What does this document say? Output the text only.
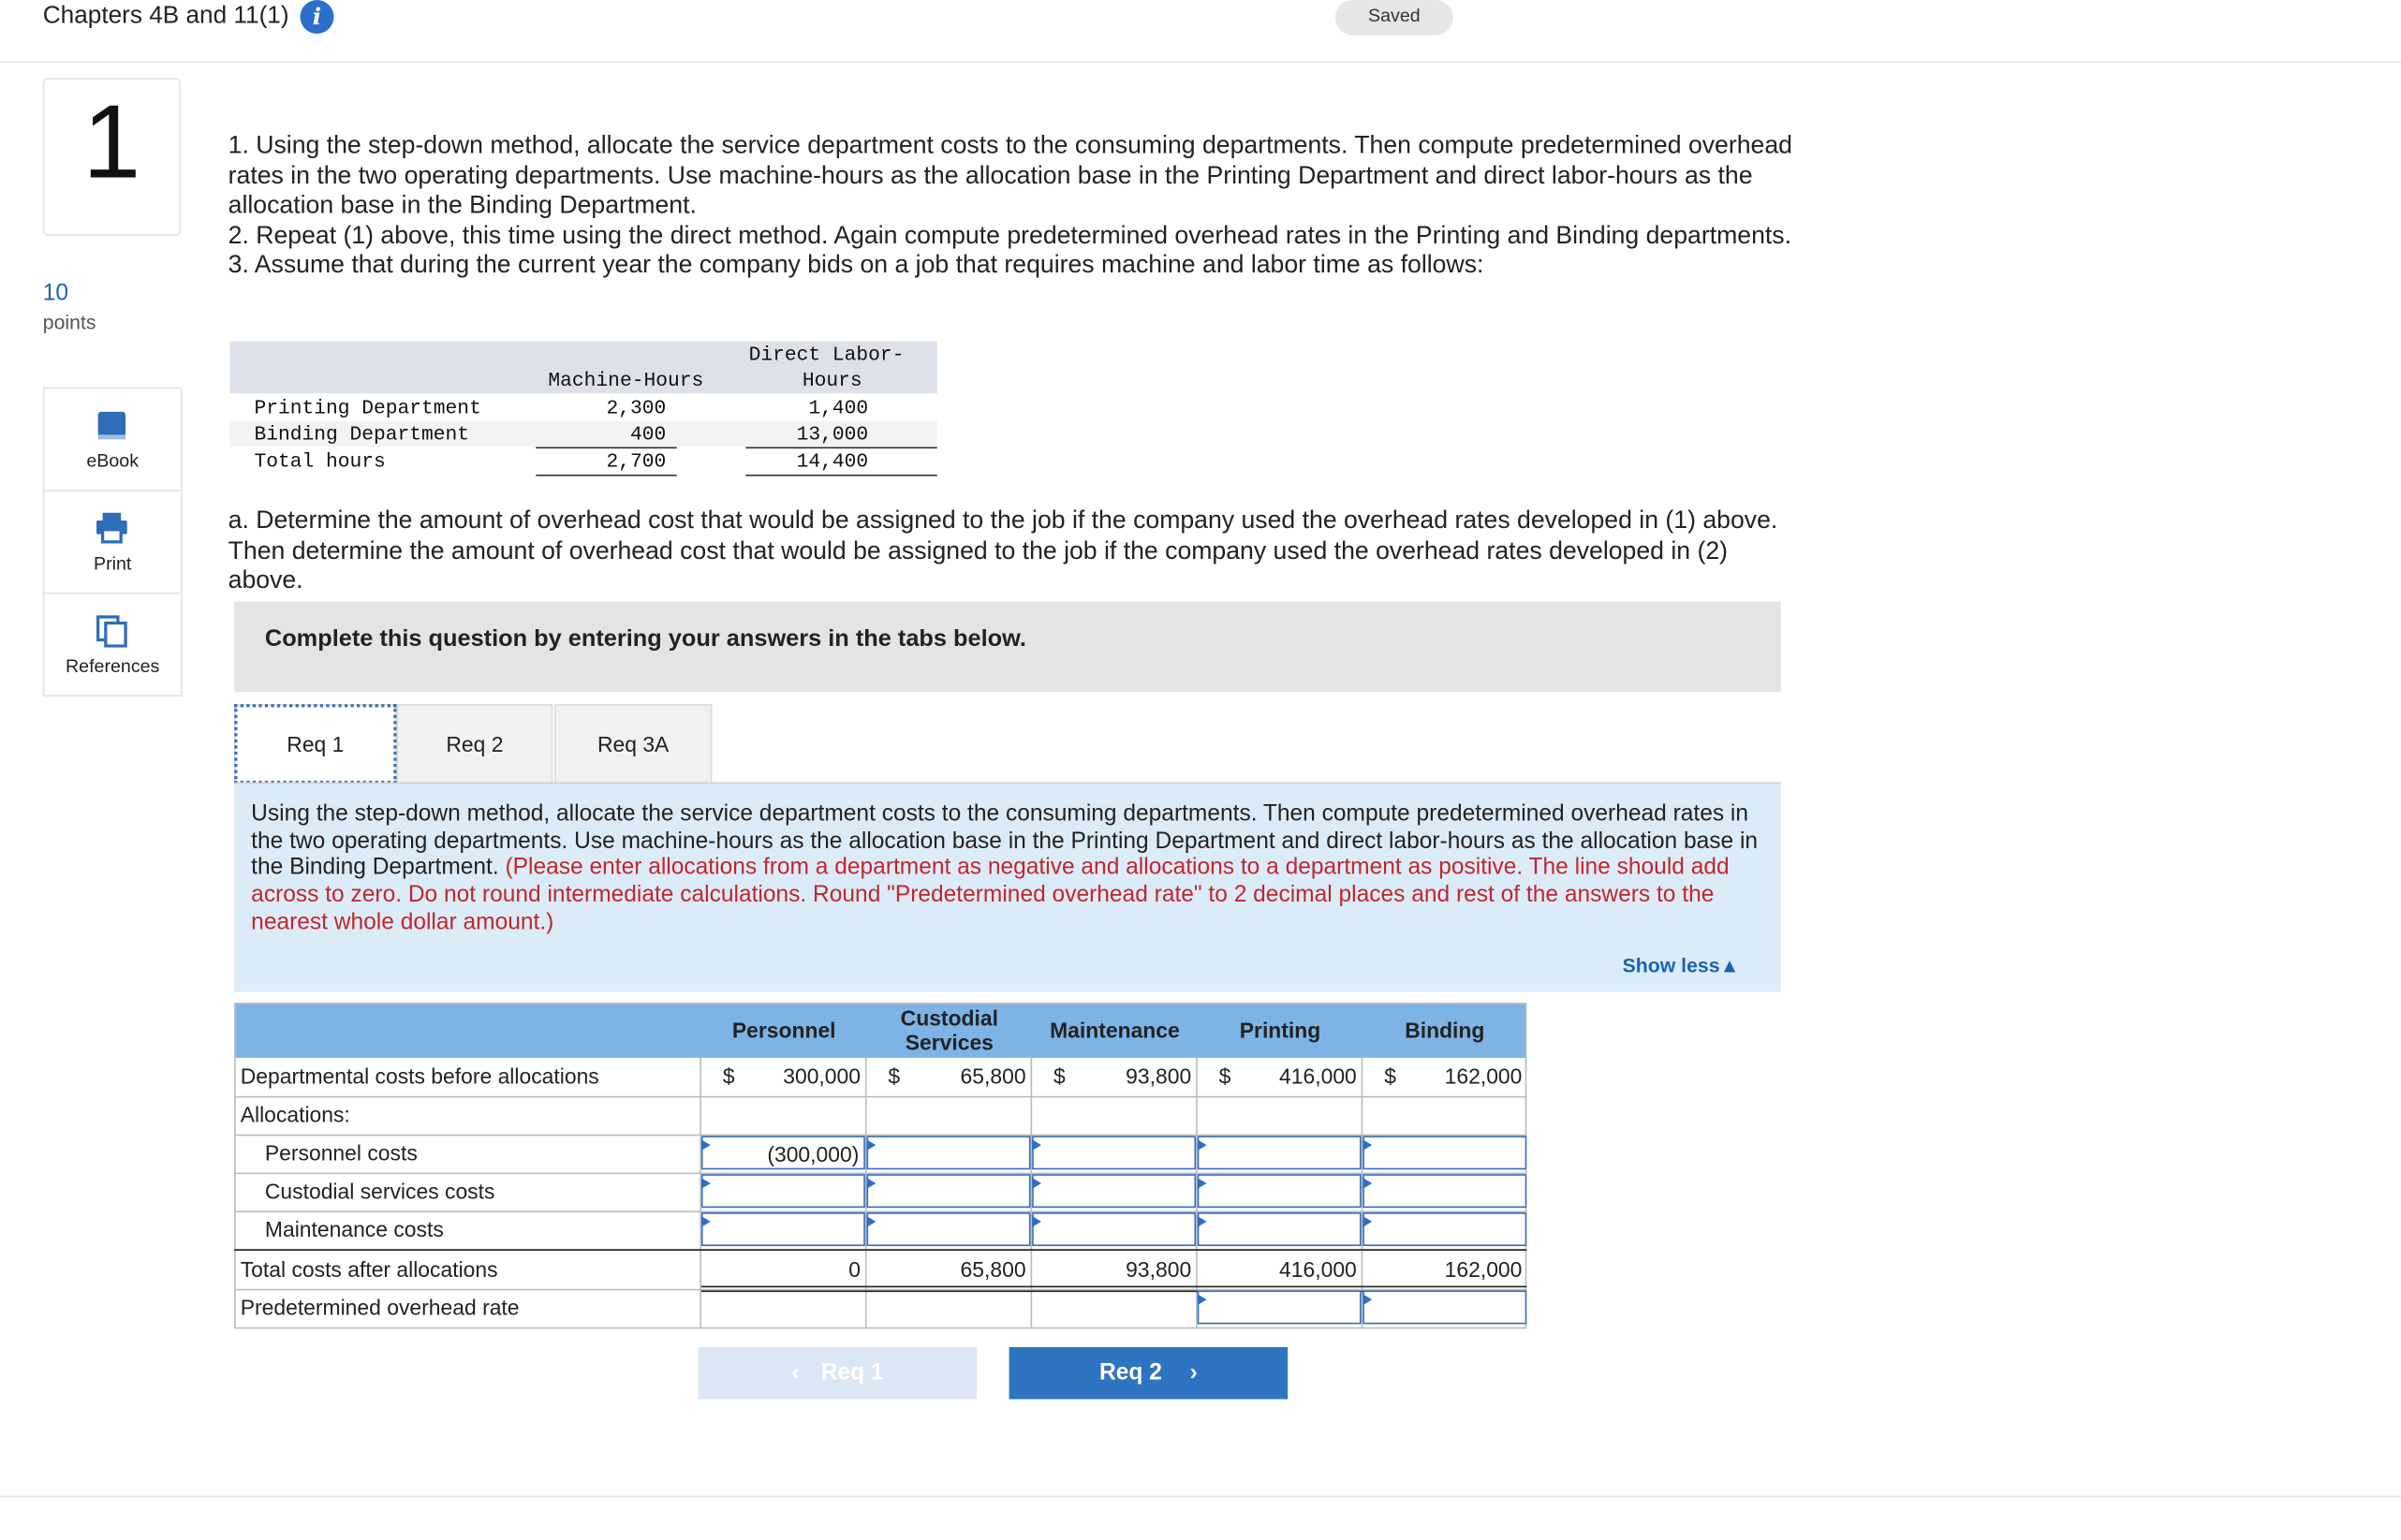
Chapters 4B and 11(1)	i	Saved
1
10
points
eBook
Print
References

1. Using the step-down method, allocate the service department costs to the consuming departments. Then compute predetermined overhead rates in the two operating departments. Use machine-hours as the allocation base in the Printing Department and direct labor-hours as the allocation base in the Binding Department.

2. Repeat (1) above, this time using the direct method. Again compute predetermined overhead rates in the Printing and Binding departments.

3. Assume that during the current year the company bids on a job that requires machine and labor time as follows:

Machine-Hours
Direct Labor-
Hours
Printing Department	2,300	1,400
Binding Department	400	13,000
Total hours	2,700	14,400
a. Determine the amount of overhead cost that would be assigned to the job if the company used the overhead rates developed in (1) above. Then determine the amount of overhead cost that would be assigned to the job if the company used the overhead rates developed in (2) above.
Complete this question by entering your answers in the tabs below.
Req 1	Req 2	Req 3A
Using the step-down method, allocate the service department costs to the consuming departments. Then compute predetermined overhead rates in the two operating departments. Use machine-hours as the allocation base in the Printing Department and direct labor-hours as the allocation base in the Binding Department. (Please enter allocations from a department as negative and allocations to a department as positive. The line should add across to zero. Do not round intermediate calculations. Round "Predetermined overhead rate" to 2 decimal places and rest of the answers to the nearest whole dollar amount.)
Show less▲
Personnel	Custodial Services
Maintenance	Printing	Binding
Departmental costs before allocations	$	300,000 $	65,800 $	93,800 $	416,000 $	162,000
Allocations:
Personnel costs	(300,000)
Custodial services costs
Maintenance costs
Total costs after allocations	0	65,800	93,800	416,000	162,000
Predetermined overhead rate
‹ Req 1	Req 2 ›
